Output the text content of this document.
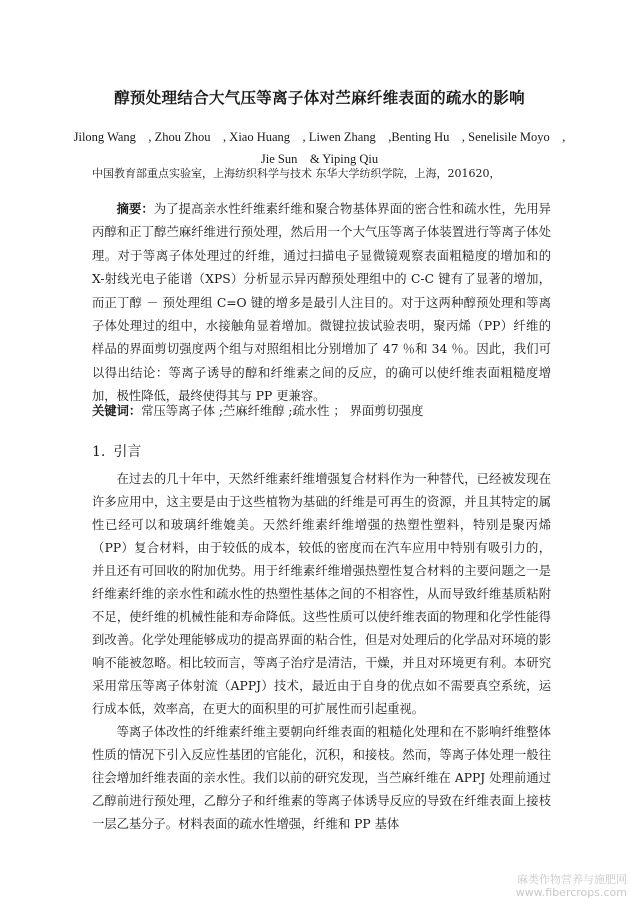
醇预处理结合大气压等离子体对苎麻纤维表面的疏水的影响
Jilong Wang　, Zhou Zhou　, Xiao Huang　, Liwen Zhang　,Benting Hu　, Senelisile Moyo　,
Jie Sun　& Yiping Qiu
中国教育部重点实验室，上海纺织科学与技术 东华大学纺织学院，上海，201620，
摘要：为了提高亲水性纤维素纤维和聚合物基体界面的密合性和疏水性，先用异丙醇和正丁醇苎麻纤维进行预处理，然后用一个大气压等离子体装置进行等离子体处理。对于等离子体处理过的纤维，通过扫描电子显微镜观察表面粗糙度的增加和的 X-射线光电子能谱（XPS）分析显示异丙醇预处理组中的 C-C 键有了显著的增加，而正丁醇 － 预处理组 C=O 键的增多是最引人注目的。对于这两种醇预处理和等离子体处理过的组中，水接触角显着增加。微键拉拔试验表明，聚丙烯（PP）纤维的样品的界面剪切强度两个组与对照组相比分别增加了 47 ％和 34 ％。因此，我们可以得出结论：等离子诱导的醇和纤维素之间的反应，的确可以使纤维表面粗糙度增加，极性降低，最终使得其与 PP 更兼容。
关键词：常压等离子体 ;苎麻纤维醇 ;疏水性 ； 界面剪切强度
1. 引言

在过去的几十年中，天然纤维素纤维增强复合材料作为一种替代，已经被发现在许多应用中，这主要是由于这些植物为基础的纤维是可再生的资源，并且其特定的属性已经可以和玻璃纤维媲美。天然纤维素纤维增强的热塑性塑料，特别是聚丙烯（PP）复合材料，由于较低的成本，较低的密度而在汽车应用中特别有吸引力的，并且还有可回收的附加优势。用于纤维素纤维增强热塑性复合材料的主要问题之一是纤维素纤维的亲水性和疏水性的热塑性基体之间的不相容性，从而导致纤维基质粘附不足，使纤维的机械性能和寿命降低。这些性质可以使纤维表面的物理和化学性能得到改善。化学处理能够成功的提高界面的粘合性，但是对处理后的化学品对环境的影响不能被忽略。相比较而言，等离子治疗是清洁，干燥，并且对环境更有利。本研究采用常压等离子体射流（APPJ）技术，最近由于自身的优点如不需要真空系统，运行成本低，效率高，在更大的面积里的可扩展性而引起重视。

等离子体改性的纤维素纤维主要朝向纤维表面的粗糙化处理和在不影响纤维整体性质的情况下引入反应性基团的官能化，沉积，和接枝。然而，等离子体处理一般往往会增加纤维表面的亲水性。我们以前的研究发现，当苎麻纤维在 APPJ 处理前通过乙醇前进行预处理，乙醇分子和纤维素的等离子体诱导反应的导致在纤维表面上接枝一层乙基分子。材料表面的疏水性增强，纤维和 PP 基体

麻类作物营养与施肥网
www.fibercrops.com
